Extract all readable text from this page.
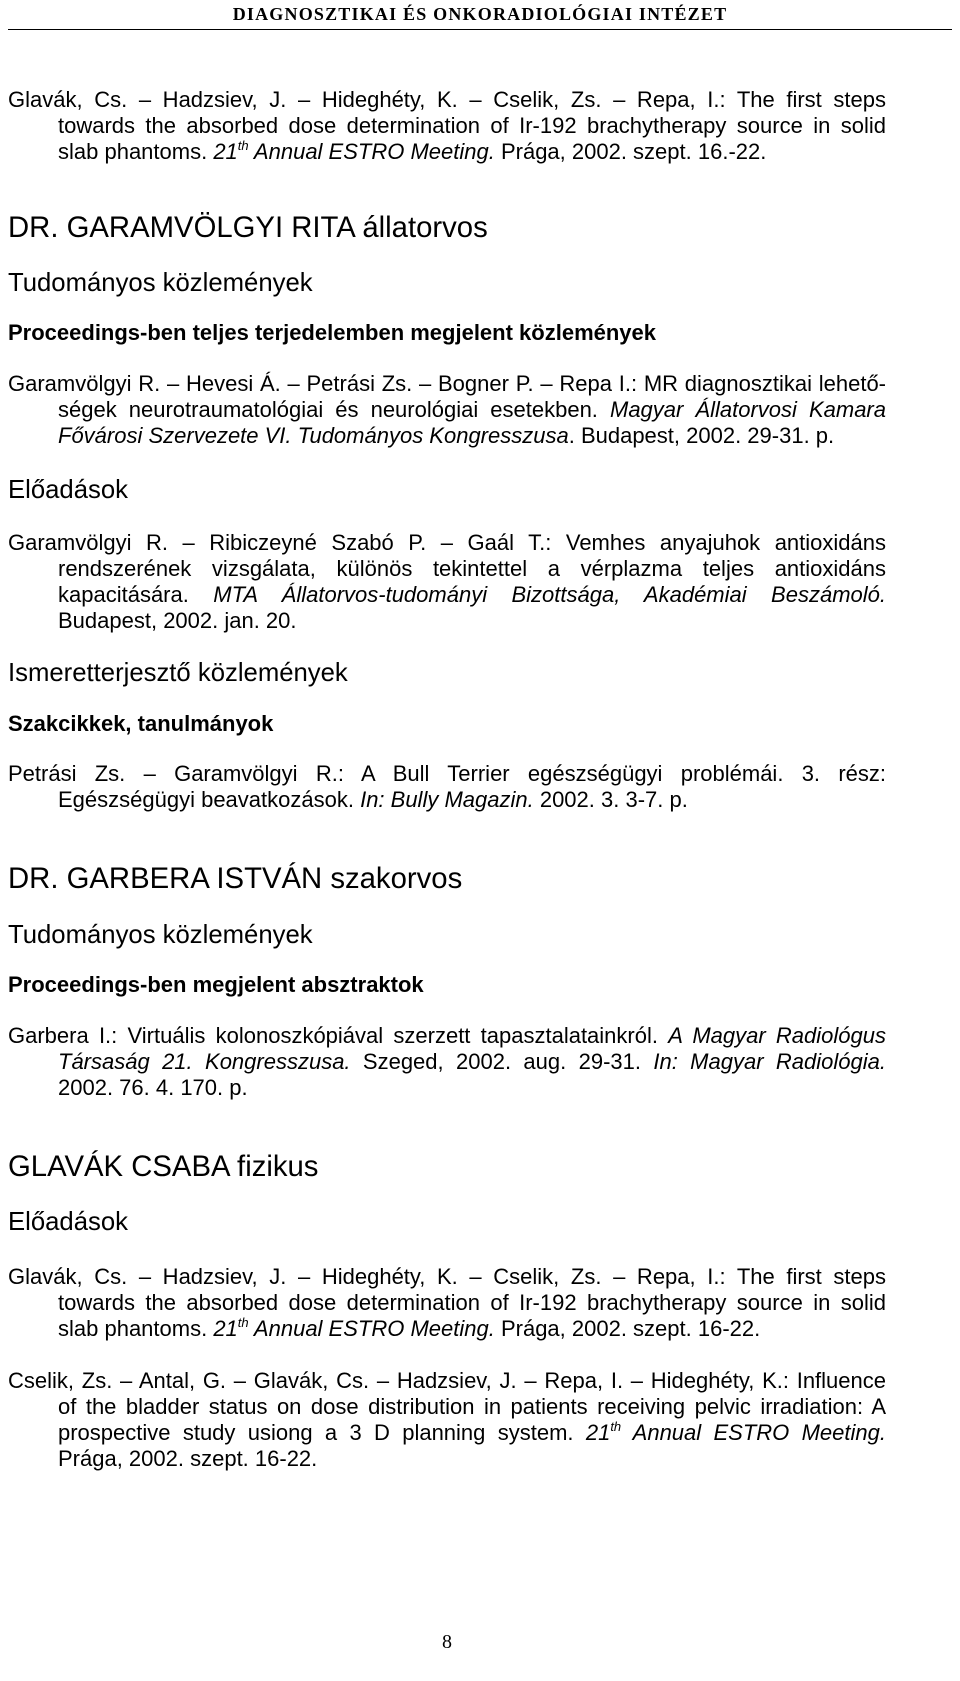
DIAGNOSZTIKAI ÉS ONKORADIOLÓGIAI INTÉZET
Glavák, Cs. – Hadzsiev, J. – Hideghéty, K. – Cselik, Zs. – Repa, I.: The first steps
towards the absorbed dose determination of Ir-192 brachytherapy source in solid
slab phantoms. 21th Annual ESTRO Meeting. Prága, 2002. szept. 16.-22.
DR. GARAMVÖLGYI RITA állatorvos
Tudományos közlemények
Proceedings-ben teljes terjedelemben megjelent közlemények
Garamvölgyi R. – Hevesi Á. – Petrási Zs. – Bogner P. – Repa I.: MR diagnosztikai lehető-
ségek neurotraumatológiai és neurológiai esetekben. Magyar Állatorvosi Kamara
Fővárosi Szervezete VI. Tudományos Kongresszusa. Budapest, 2002. 29-31. p.
Előadások
Garamvölgyi R. – Ribiczeyné Szabó P. – Gaál T.: Vemhes anyajuhok antioxidáns
rendszerének vizsgálata, különös tekintettel a vérplazma teljes antioxidáns
kapacitására. MTA Állatorvos-tudományi Bizottsága, Akadémiai Beszámoló.
Budapest, 2002. jan. 20.
Ismeretterjesztő közlemények
Szakcikkek, tanulmányok
Petrási Zs. – Garamvölgyi R.: A Bull Terrier egészségügyi problémái. 3. rész:
Egészségügyi beavatkozások. In: Bully Magazin. 2002. 3. 3-7. p.
DR. GARBERA ISTVÁN szakorvos
Tudományos közlemények
Proceedings-ben megjelent absztraktok
Garbera I.: Virtuális kolonoszkópiával szerzett tapasztalatainkról. A Magyar Radiológus
Társaság 21. Kongresszusa. Szeged, 2002. aug. 29-31. In: Magyar Radiológia.
2002. 76. 4. 170. p.
GLAVÁK CSABA fizikus
Előadások
Glavák, Cs. – Hadzsiev, J. – Hideghéty, K. – Cselik, Zs. – Repa, I.: The first steps
towards the absorbed dose determination of Ir-192 brachytherapy source in solid
slab phantoms. 21th Annual ESTRO Meeting. Prága, 2002. szept. 16-22.
Cselik, Zs. – Antal, G. – Glavák, Cs. – Hadzsiev, J. – Repa, I. – Hideghéty, K.: Influence
of the bladder status on dose distribution in patients receiving pelvic irradiation: A
prospective study usiong a 3 D planning system. 21th Annual ESTRO Meeting.
Prága, 2002. szept. 16-22.
8
